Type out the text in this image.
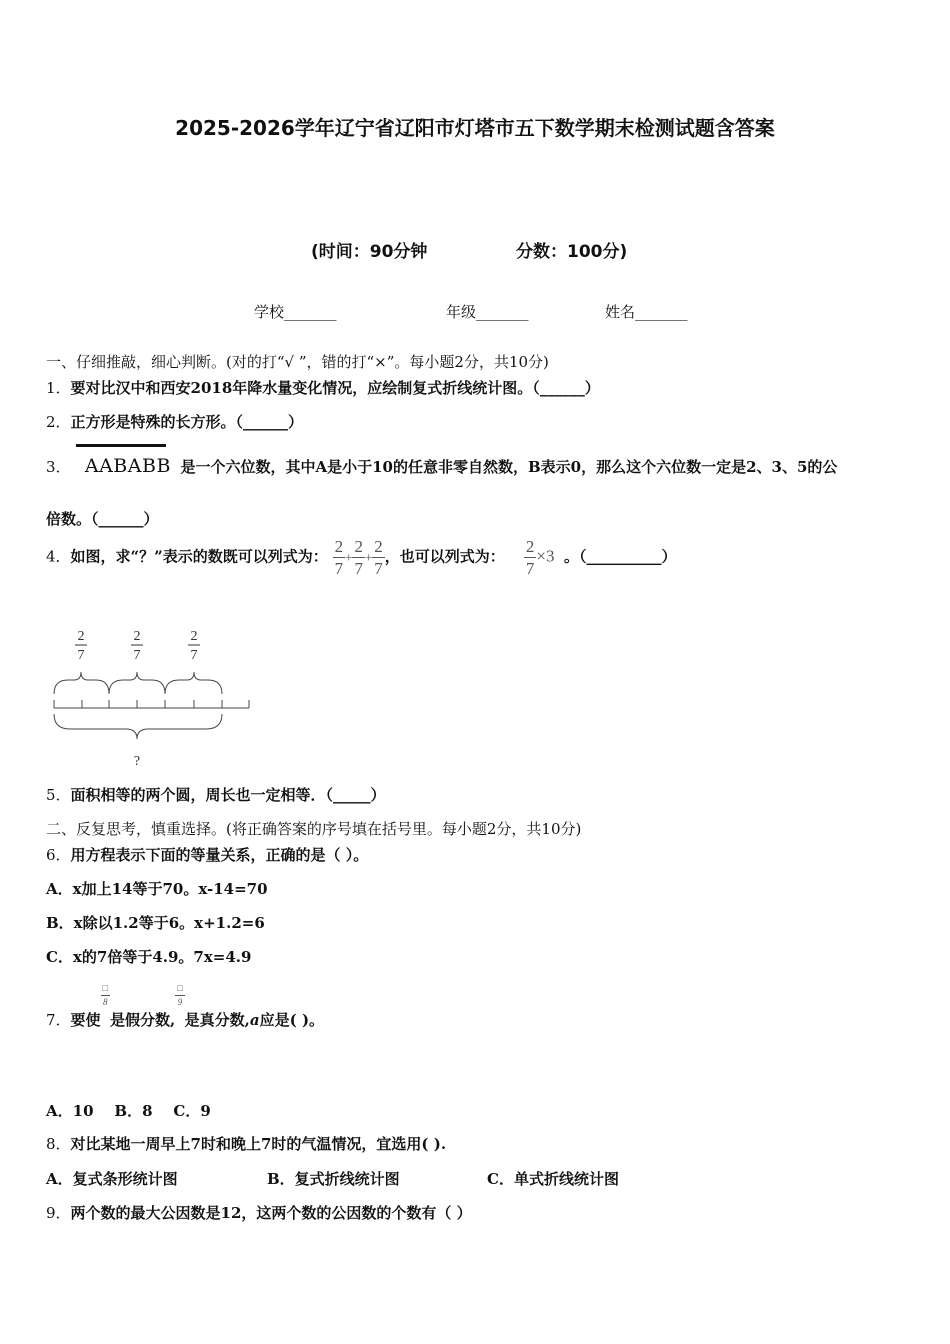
2025-2026学年辽宁省辽阳市灯塔市五下数学期末检测试题含答案
(时间：90分钟	分数：100分)
学校_______	年级_______	姓名_______
一、仔细推敲，细心判断。(对的打“√ ”，错的打“×”。每小题2分，共10分)
1．要对比汉中和西安2018年降水量变化情况，应绘制复式折线统计图。（______）
2．正方形是特殊的长方形。（______）
3． AABABB 是一个六位数，其中A是小于10的任意非零自然数，B表示0，那么这个六位数一定是2、3、5的公
倍数。（______）
4．如图，求“？”表示的数既可以列式为： $\frac{2}{7} + \frac{2}{7} + \frac{2}{7}$ ，也可以列式为： $\frac{2}{7} \times 3$ 。（__________）
2
7
2
7
2
7
?
5．面积相等的两个圆，周长也一定相等．（_____）
二、反复思考，慎重选择。(将正确答案的序号填在括号里。每小题2分，共10分)
6．用方程表示下面的等量关系，正确的是（ ）。
A．x加上14等于70。x-14=70
B．x除以1.2等于6。x+1.2=6
C．x的7倍等于4.9。7x=4.9
7．要使
$\frac{□}{8}$
是假分数,
$\frac{□}{9}$
是真分数,a应是( )。
A．10    B．8    C．9
8．对比某地一周早上7时和晚上7时的气温情况，宜选用( ).
A．复式条形统计图	B．复式折线统计图	C．单式折线统计图
9．两个数的最大公因数是12，这两个数的公因数的个数有（ ）
